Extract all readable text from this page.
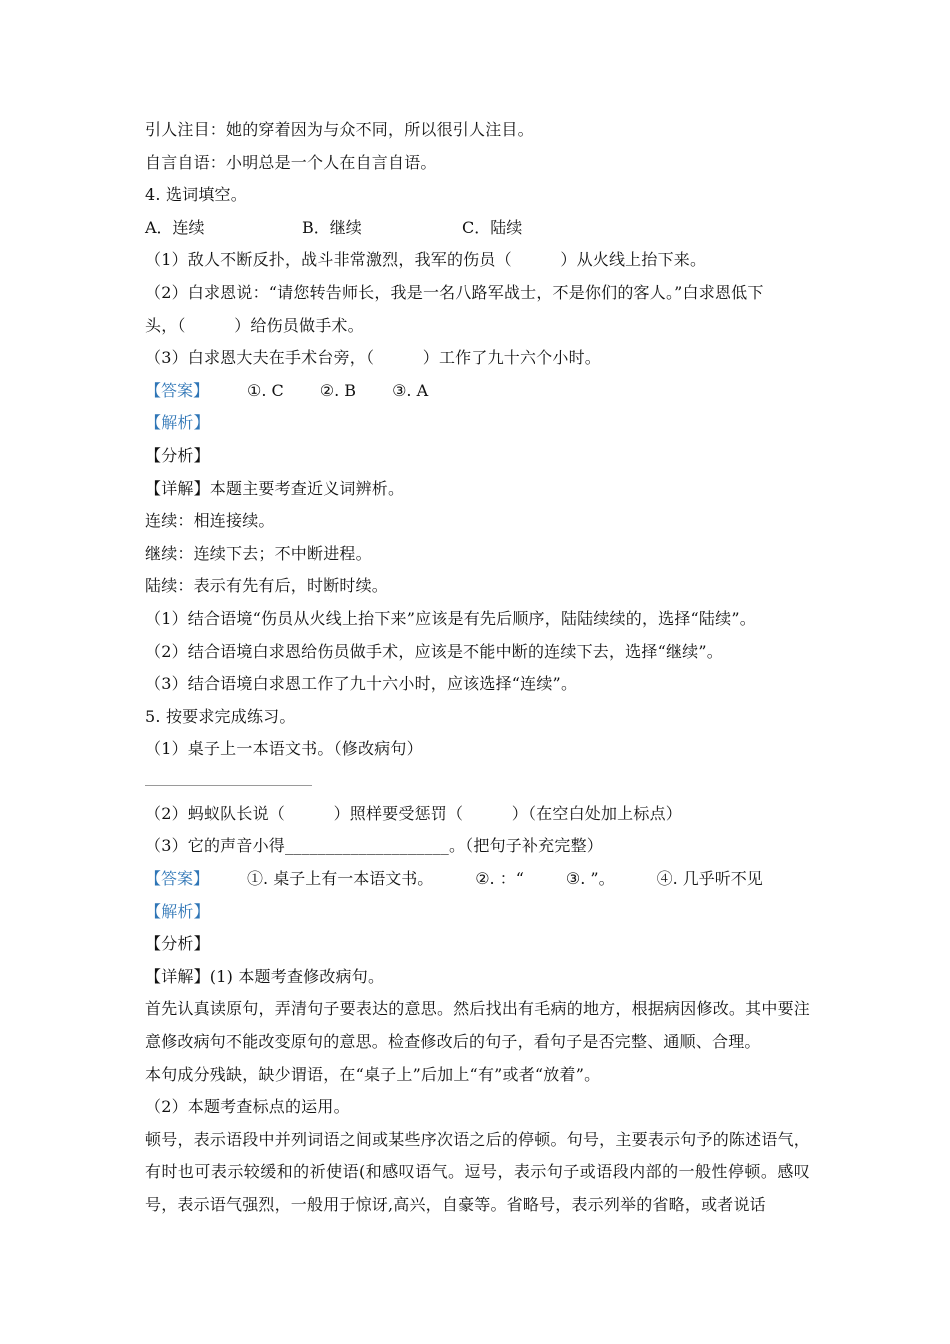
引人注目：她的穿着因为与众不同，所以很引人注目。
自言自语：小明总是一个人在自言自语。
4. 选词填空。
A．连续	B．继续	C．陆续
（1）敌人不断反扑，战斗非常激烈，我军的伤员（　　　）从火线上抬下来。
（2）白求恩说：“请您转告师长，我是一名八路军战士，不是你们的客人。”白求恩低下
头，（　　　）给伤员做手术。
（3）白求恩大夫在手术台旁，（　　　）工作了九十六个小时。
【答案】 ①. C ②. B ③. A
【解析】
【分析】
【详解】本题主要考查近义词辨析。
连续：相连接续。
继续：连续下去；不中断进程。
陆续：表示有先有后，时断时续。
（1）结合语境“伤员从火线上抬下来”应该是有先后顺序，陆陆续续的，选择“陆续”。
（2）结合语境白求恩给伤员做手术，应该是不能中断的连续下去，选择“继续”。
（3）结合语境白求恩工作了九十六小时，应该选择“连续”。
5. 按要求完成练习。
（1）桌子上一本语文书。（修改病句）
（2）蚂蚁队长说（　　　）照样要受惩罚（　　　）（在空白处加上标点）
（3）它的声音小得____________________。（把句子补充完整）
【答案】 ①. 桌子上有一本语文书。	②. ：“	③. ”。	④. 几乎听不见
【解析】
【分析】
【详解】(1) 本题考查修改病句。
首先认真读原句，弄清句子要表达的意思。然后找出有毛病的地方，根据病因修改。其中要注意修改病句不能改变原句的意思。检查修改后的句子，看句子是否完整、通顺、合理。
本句成分残缺，缺少谓语，在“桌子上”后加上“有”或者“放着”。
（2）本题考查标点的运用。
顿号，表示语段中并列词语之间或某些序次语之后的停顿。句号，主要表示句予的陈述语气，有时也可表示较缓和的祈使语(和感叹语气。逗号，表示句子或语段内部的一般性停顿。感叹号，表示语气强烈，一般用于惊讶,高兴，自豪等。省略号，表示列举的省略，或者说话
